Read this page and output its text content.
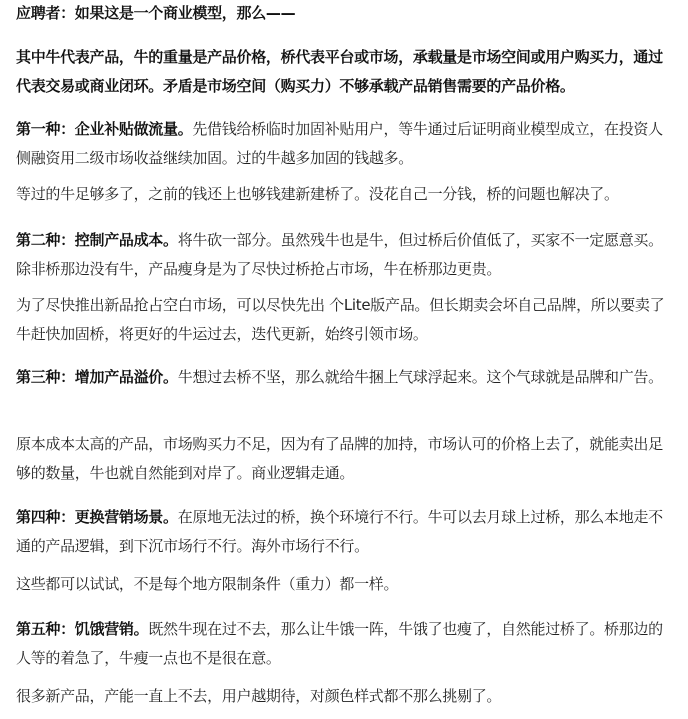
应聘者：如果这是一个商业模型，那么——

其中牛代表产品，牛的重量是产品价格，桥代表平台或市场，承载量是市场空间或用户购买力，通过代表交易或商业闭环。矛盾是市场空间（购买力）不够承载产品销售需要的产品价格。

第一种：企业补贴做流量。先借钱给桥临时加固补贴用户，等牛通过后证明商业模型成立，在投资人侧融资用二级市场收益继续加固。过的牛越多加固的钱越多。

等过的牛足够多了，之前的钱还上也够钱建新建桥了。没花自己一分钱，桥的问题也解决了。

第二种：控制产品成本。将牛砍一部分。虽然残牛也是牛，但过桥后价值低了，买家不一定愿意买。除非桥那边没有牛，产品瘦身是为了尽快过桥抢占市场，牛在桥那边更贵。

为了尽快推出新品抢占空白市场，可以尽快先出 个Lite版产品。但长期卖会坏自己品牌，所以要卖了牛赶快加固桥，将更好的牛运过去，迭代更新，始终引领市场。

第三种：增加产品溢价。牛想过去桥不坚，那么就给牛捆上气球浮起来。这个气球就是品牌和广告。

原本成本太高的产品，市场购买力不足，因为有了品牌的加持，市场认可的价格上去了，就能卖出足够的数量，牛也就自然能到对岸了。商业逻辑走通。

第四种：更换营销场景。在原地无法过的桥，换个环境行不行。牛可以去月球上过桥，那么本地走不通的产品逻辑，到下沉市场行不行。海外市场行不行。

这些都可以试试，不是每个地方限制条件（重力）都一样。

第五种：饥饿营销。既然牛现在过不去，那么让牛饿一阵，牛饿了也瘦了，自然能过桥了。桥那边的人等的着急了，牛瘦一点也不是很在意。

很多新产品，产能一直上不去，用户越期待，对颜色样式都不那么挑剔了。
